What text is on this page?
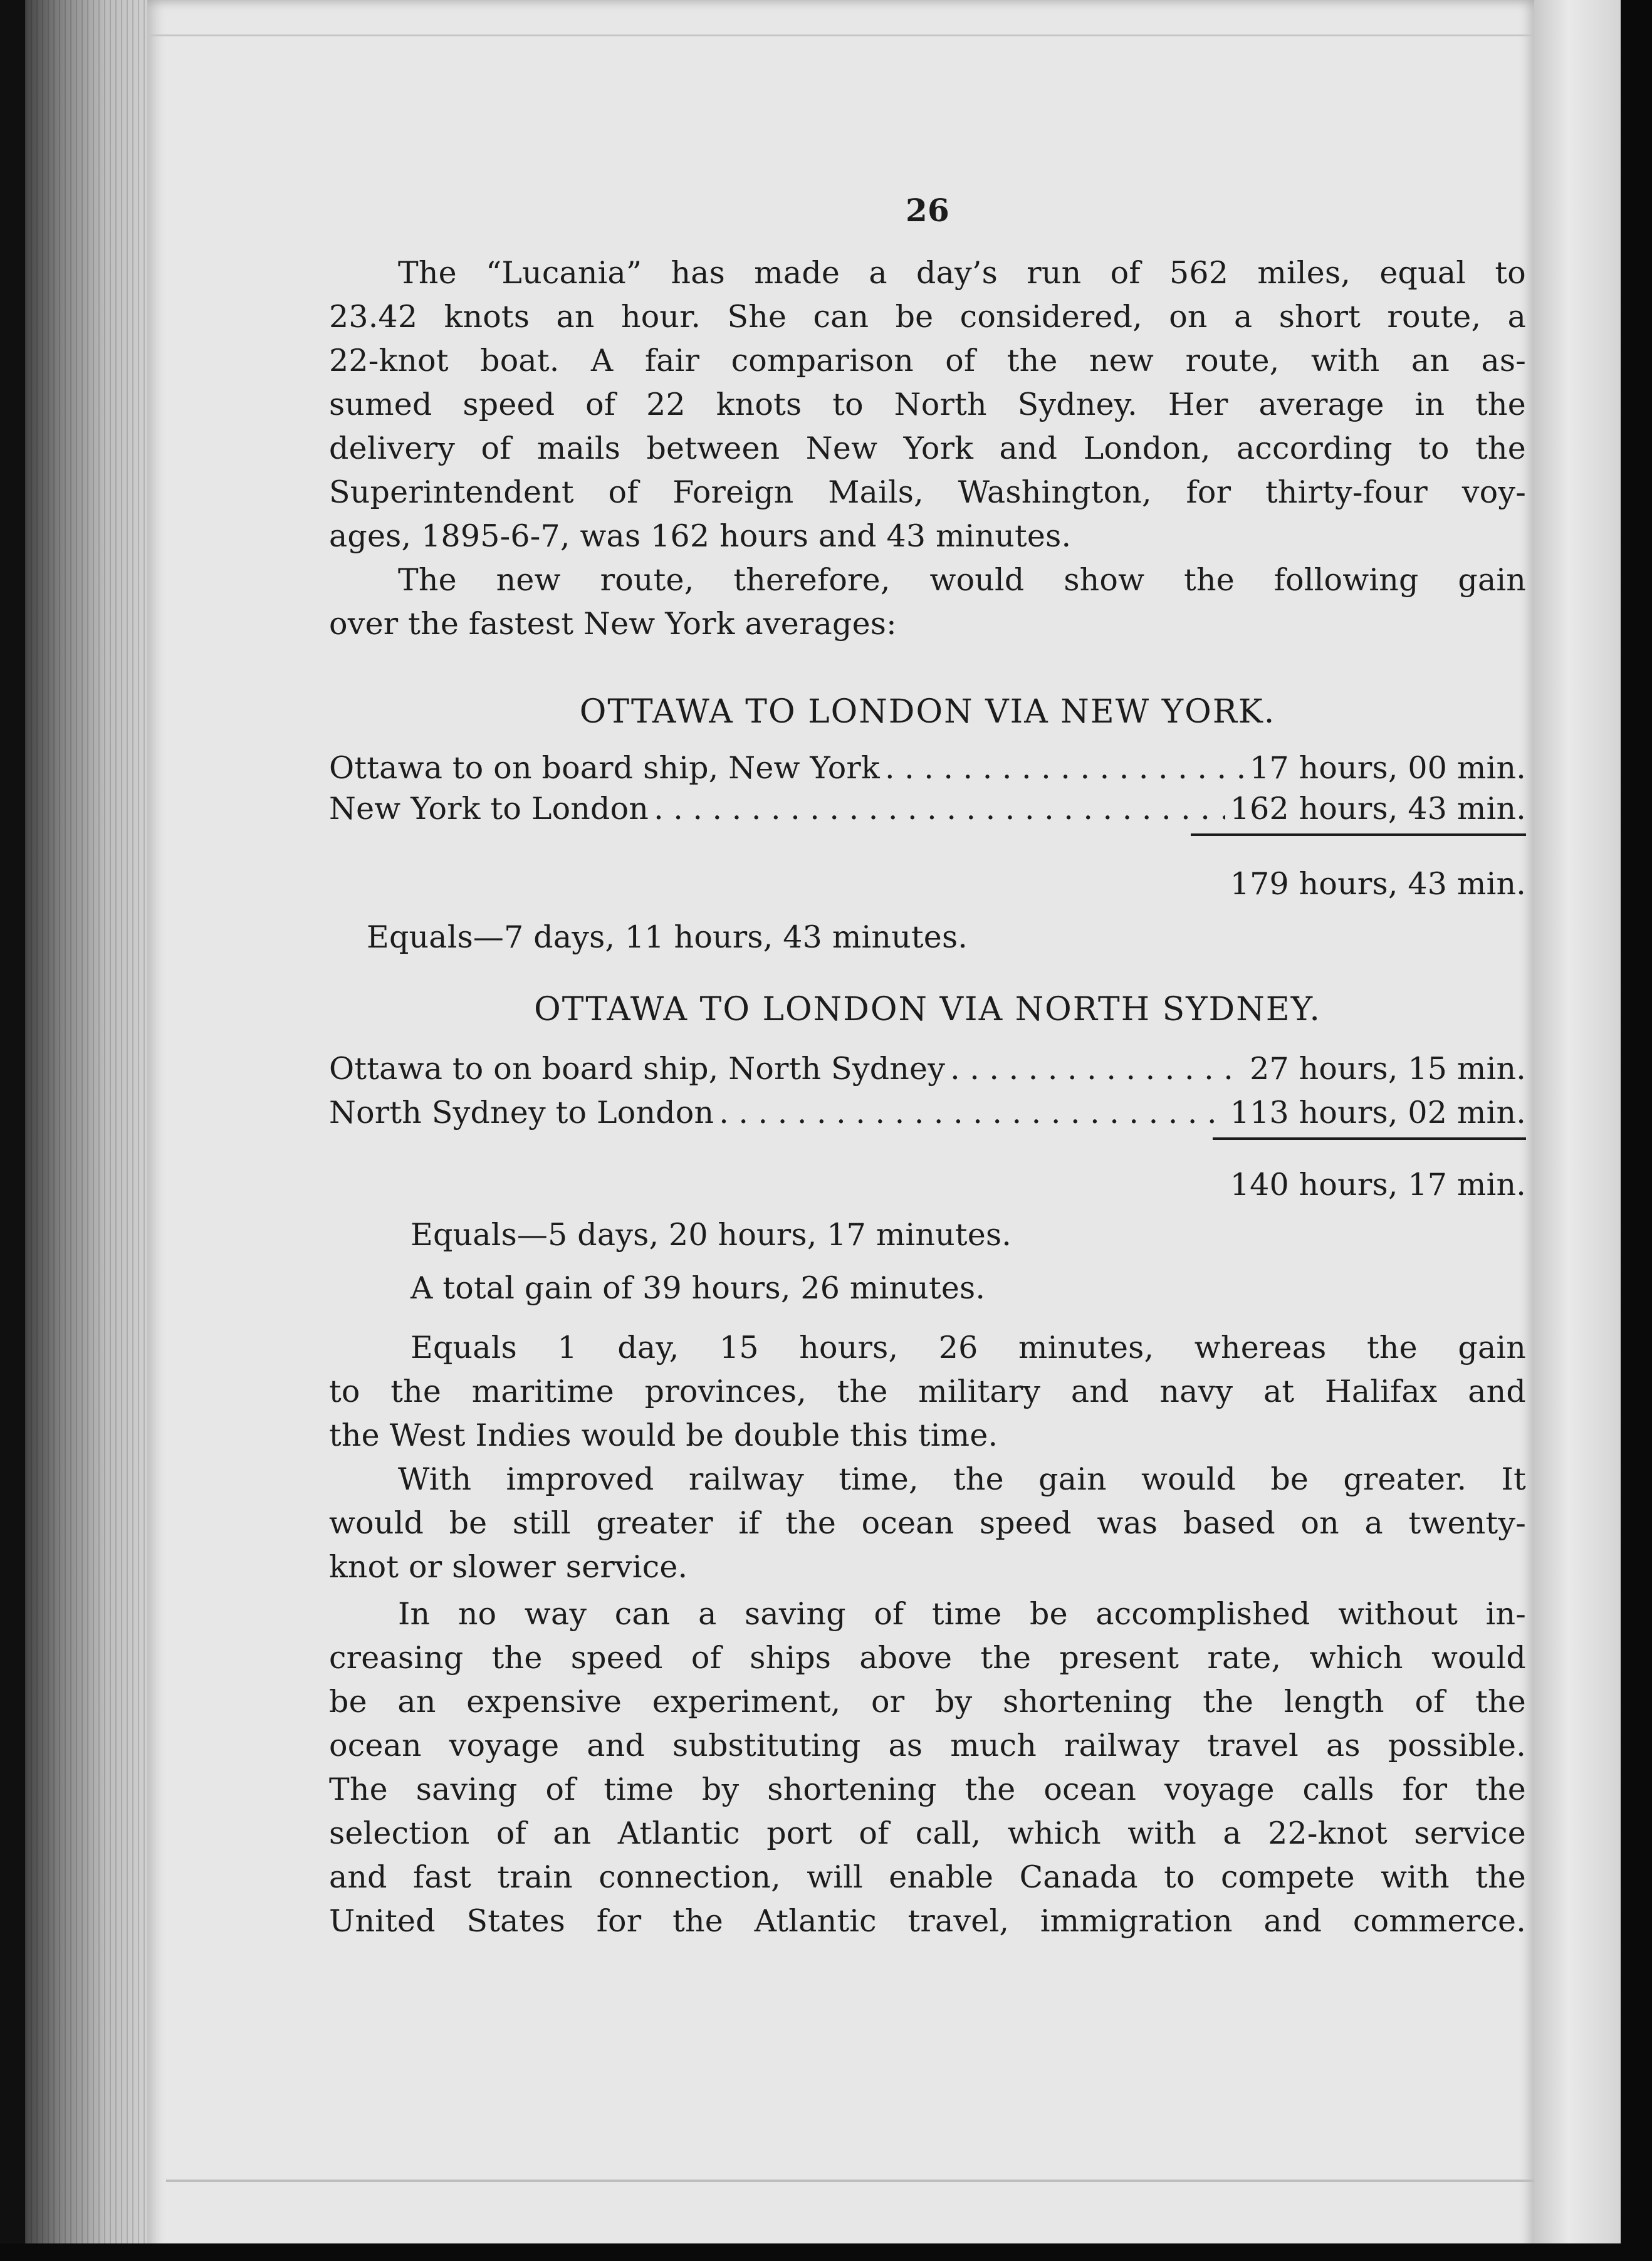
26
The “Lucania” has made a day’s run of 562 miles, equal to
23.42 knots an hour. She can be considered, on a short route, a
22-knot boat. A fair comparison of the new route, with an as-
sumed speed of 22 knots to North Sydney. Her average in the
delivery of mails between New York and London, according to the
Superintendent of Foreign Mails, Washington, for thirty-four voy-
ages, 1895-6-7, was 162 hours and 43 minutes.
The new route, therefore, would show the following gain
over the fastest New York averages:
OTTAWA TO LONDON VIA NEW YORK.
Ottawa to on board ship, New York . . .	17 hours, 00 min.
New York to London . . .	162 hours, 43 min.
179 hours, 43 min.
Equals—7 days, 11 hours, 43 minutes.
OTTAWA TO LONDON VIA NORTH SYDNEY.
Ottawa to on board ship, North Sydney . . .	27 hours, 15 min.
North Sydney to London . . .	113 hours, 02 min.
140 hours, 17 min.
Equals—5 days, 20 hours, 17 minutes.
A total gain of 39 hours, 26 minutes.
Equals 1 day, 15 hours, 26 minutes, whereas the gain
to the maritime provinces, the military and navy at Halifax and
the West Indies would be double this time.
With improved railway time, the gain would be greater. It
would be still greater if the ocean speed was based on a twenty-
knot or slower service.
In no way can a saving of time be accomplished without in-
creasing the speed of ships above the present rate, which would
be an expensive experiment, or by shortening the length of the
ocean voyage and substituting as much railway travel as possible.
The saving of time by shortening the ocean voyage calls for the
selection of an Atlantic port of call, which with a 22-knot service
and fast train connection, will enable Canada to compete with the
United States for the Atlantic travel, immigration and commerce.
